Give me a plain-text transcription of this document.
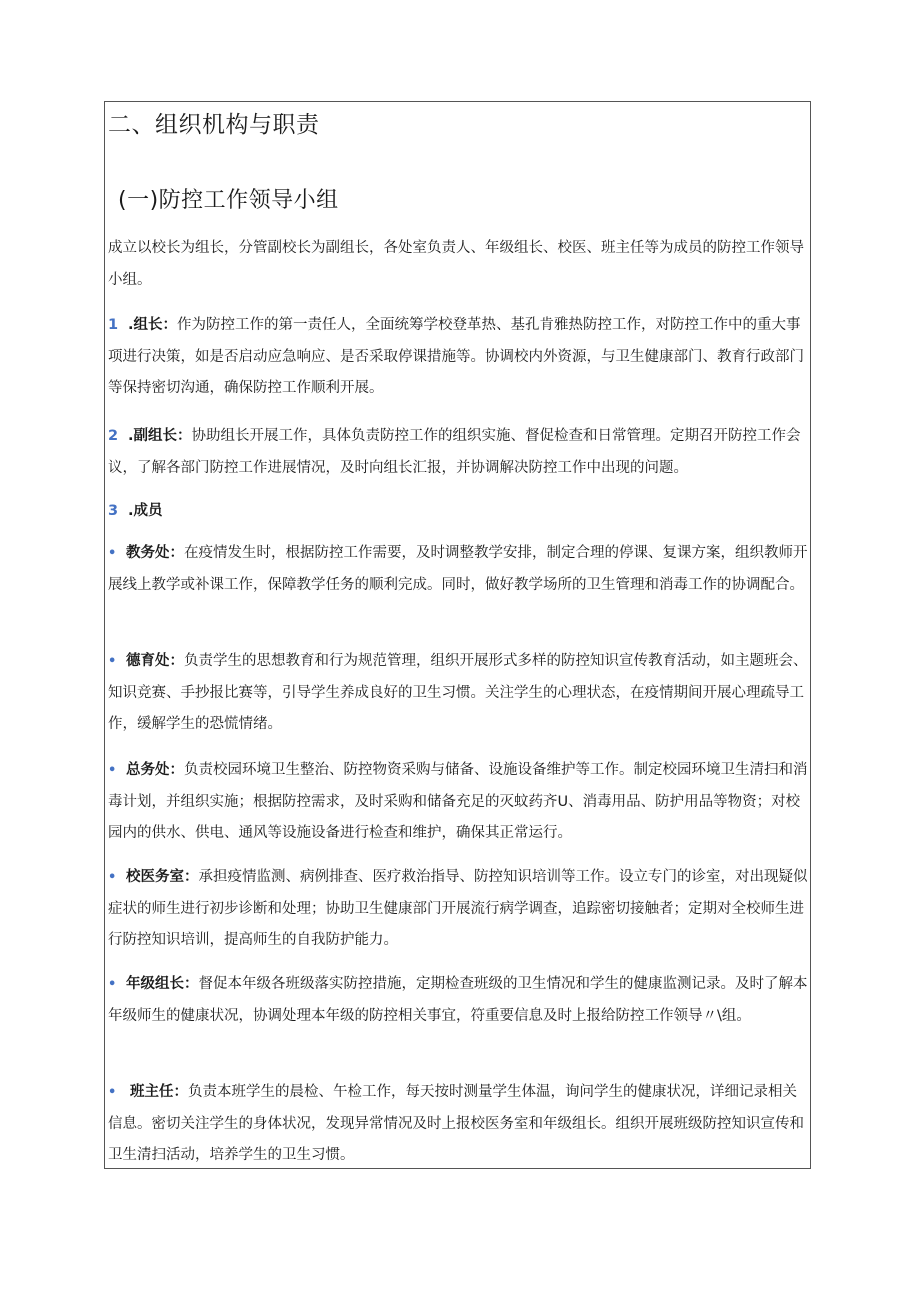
二、组织机构与职责
(一)防控工作领导小组
成立以校长为组长，分管副校长为副组长，各处室负责人、年级组长、校医、班主任等为成员的防控工作领导小组。
1 .组长：作为防控工作的第一责任人，全面统筹学校登革热、基孔肯雅热防控工作，对防控工作中的重大事项进行决策，如是否启动应急响应、是否采取停课措施等。协调校内外资源，与卫生健康部门、教育行政部门等保持密切沟通，确保防控工作顺利开展。
2 .副组长：协助组长开展工作，具体负责防控工作的组织实施、督促检查和日常管理。定期召开防控工作会议，了解各部门防控工作进展情况，及时向组长汇报，并协调解决防控工作中出现的问题。
3 .成员
• 教务处：在疫情发生时，根据防控工作需要，及时调整教学安排，制定合理的停课、复课方案，组织教师开展线上教学或补课工作，保障教学任务的顺利完成。同时，做好教学场所的卫生管理和消毒工作的协调配合。
• 德育处：负责学生的思想教育和行为规范管理，组织开展形式多样的防控知识宣传教育活动，如主题班会、知识竞赛、手抄报比赛等，引导学生养成良好的卫生习惯。关注学生的心理状态，在疫情期间开展心理疏导工作，缓解学生的恐慌情绪。
• 总务处：负责校园环境卫生整治、防控物资采购与储备、设施设备维护等工作。制定校园环境卫生清扫和消毒计划，并组织实施；根据防控需求，及时采购和储备充足的灭蚊药齐U、消毒用品、防护用品等物资；对校园内的供水、供电、通风等设施设备进行检查和维护，确保其正常运行。
• 校医务室：承担疫情监测、病例排查、医疗救治指导、防控知识培训等工作。设立专门的诊室，对出现疑似症状的师生进行初步诊断和处理；协助卫生健康部门开展流行病学调查，追踪密切接触者；定期对全校师生进行防控知识培训，提高师生的自我防护能力。
• 年级组长：督促本年级各班级落实防控措施，定期检查班级的卫生情况和学生的健康监测记录。及时了解本年级师生的健康状况，协调处理本年级的防控相关事宜，符重要信息及时上报给防控工作领导〃\组。
• 班主任：负责本班学生的晨检、午检工作，每天按时测量学生体温，询问学生的健康状况，详细记录相关信息。密切关注学生的身体状况，发现异常情况及时上报校医务室和年级组长。组织开展班级防控知识宣传和卫生清扫活动，培养学生的卫生习惯。
